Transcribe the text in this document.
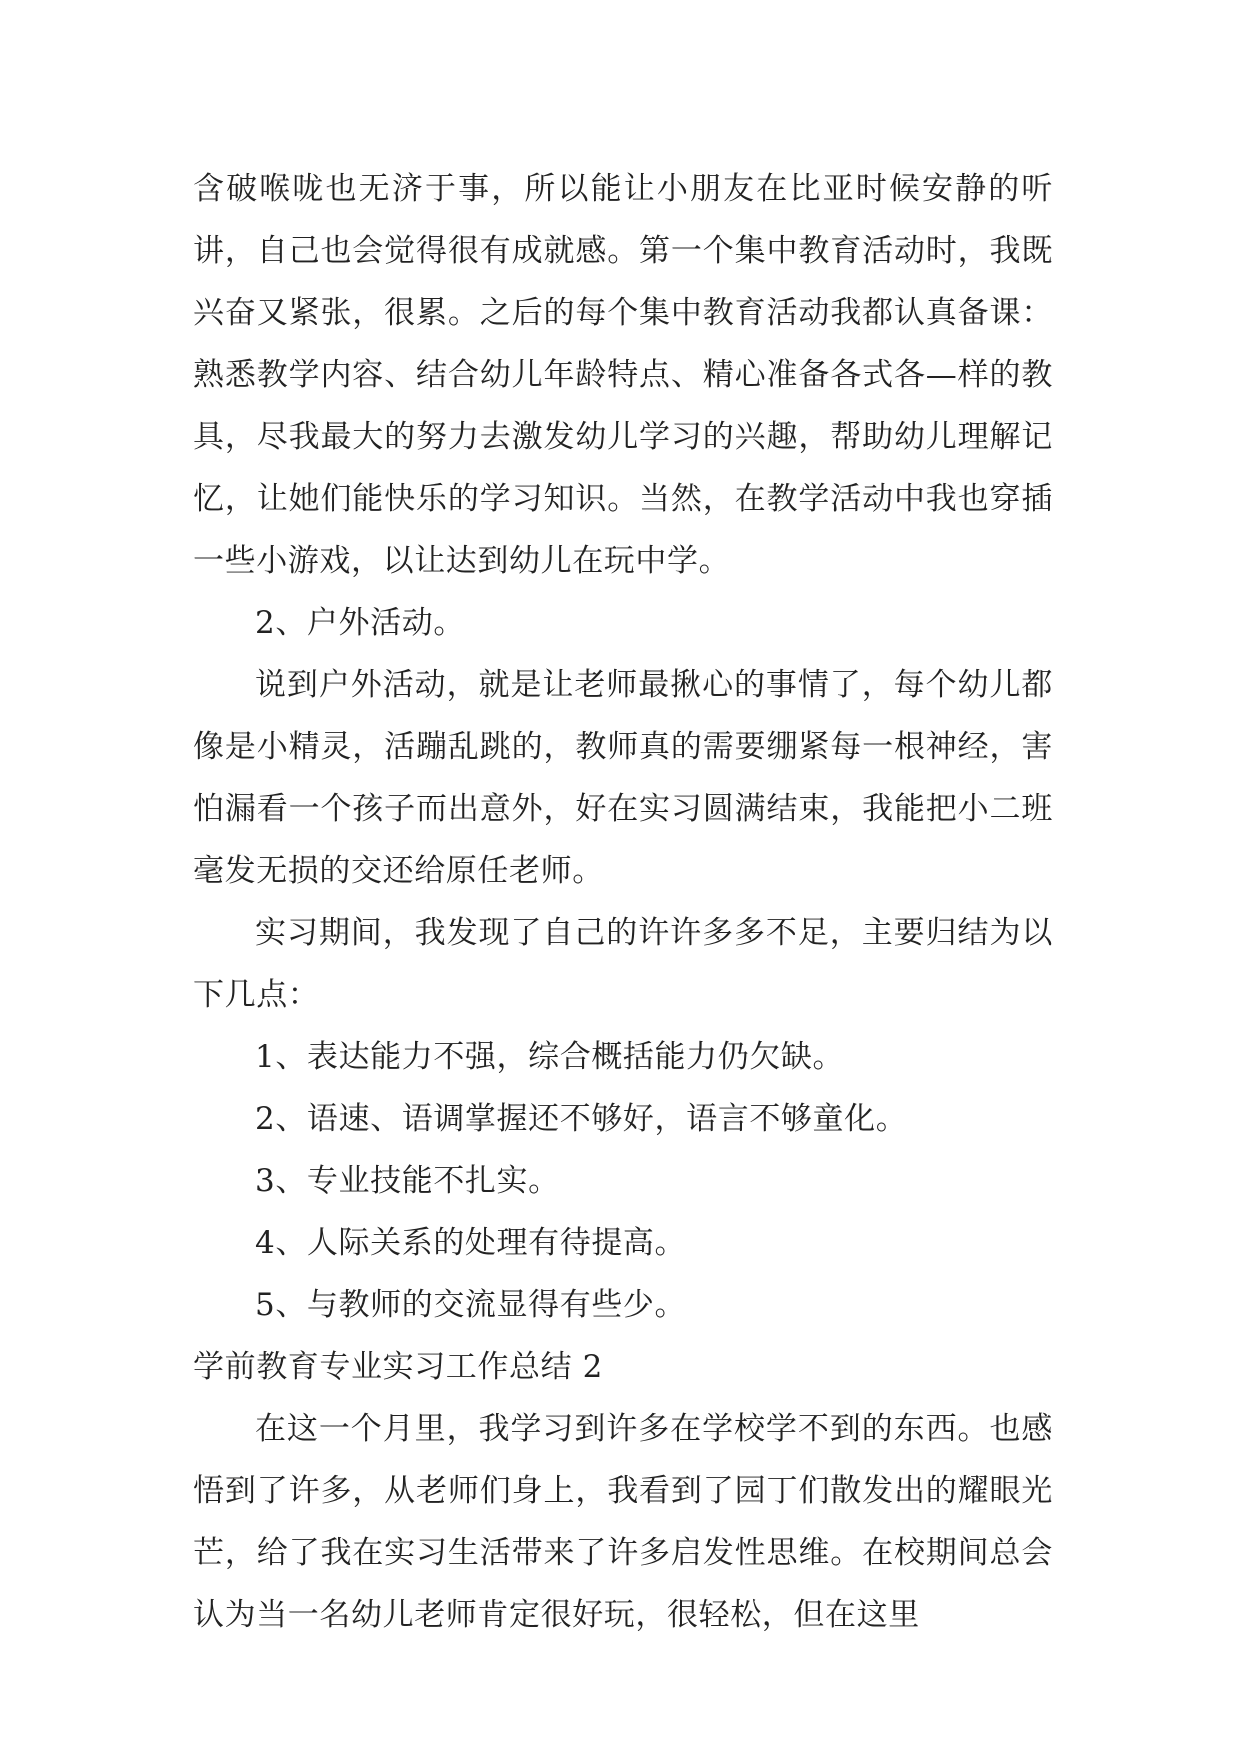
含破喉咙也无济于事，所以能让小朋友在比亚时候安静的听讲，自己也会觉得很有成就感。第一个集中教育活动时，我既兴奋又紧张，很累。之后的每个集中教育活动我都认真备课：熟悉教学内容、结合幼儿年龄特点、精心准备各式各—样的教具，尽我最大的努力去激发幼儿学习的兴趣，帮助幼儿理解记忆，让她们能快乐的学习知识。当然，在教学活动中我也穿插一些小游戏，以让达到幼儿在玩中学。

2、户外活动。

说到户外活动，就是让老师最揪心的事情了，每个幼儿都像是小精灵，活蹦乱跳的，教师真的需要绷紧每一根神经，害怕漏看一个孩子而出意外，好在实习圆满结束，我能把小二班毫发无损的交还给原任老师。

实习期间，我发现了自己的许许多多不足，主要归结为以下几点：

1、表达能力不强，综合概括能力仍欠缺。

2、语速、语调掌握还不够好，语言不够童化。

3、专业技能不扎实。

4、人际关系的处理有待提高。

5、与教师的交流显得有些少。

学前教育专业实习工作总结 2

在这一个月里，我学习到许多在学校学不到的东西。也感悟到了许多，从老师们身上，我看到了园丁们散发出的耀眼光芒，给了我在实习生活带来了许多启发性思维。在校期间总会认为当一名幼儿老师肯定很好玩，很轻松，但在这里
